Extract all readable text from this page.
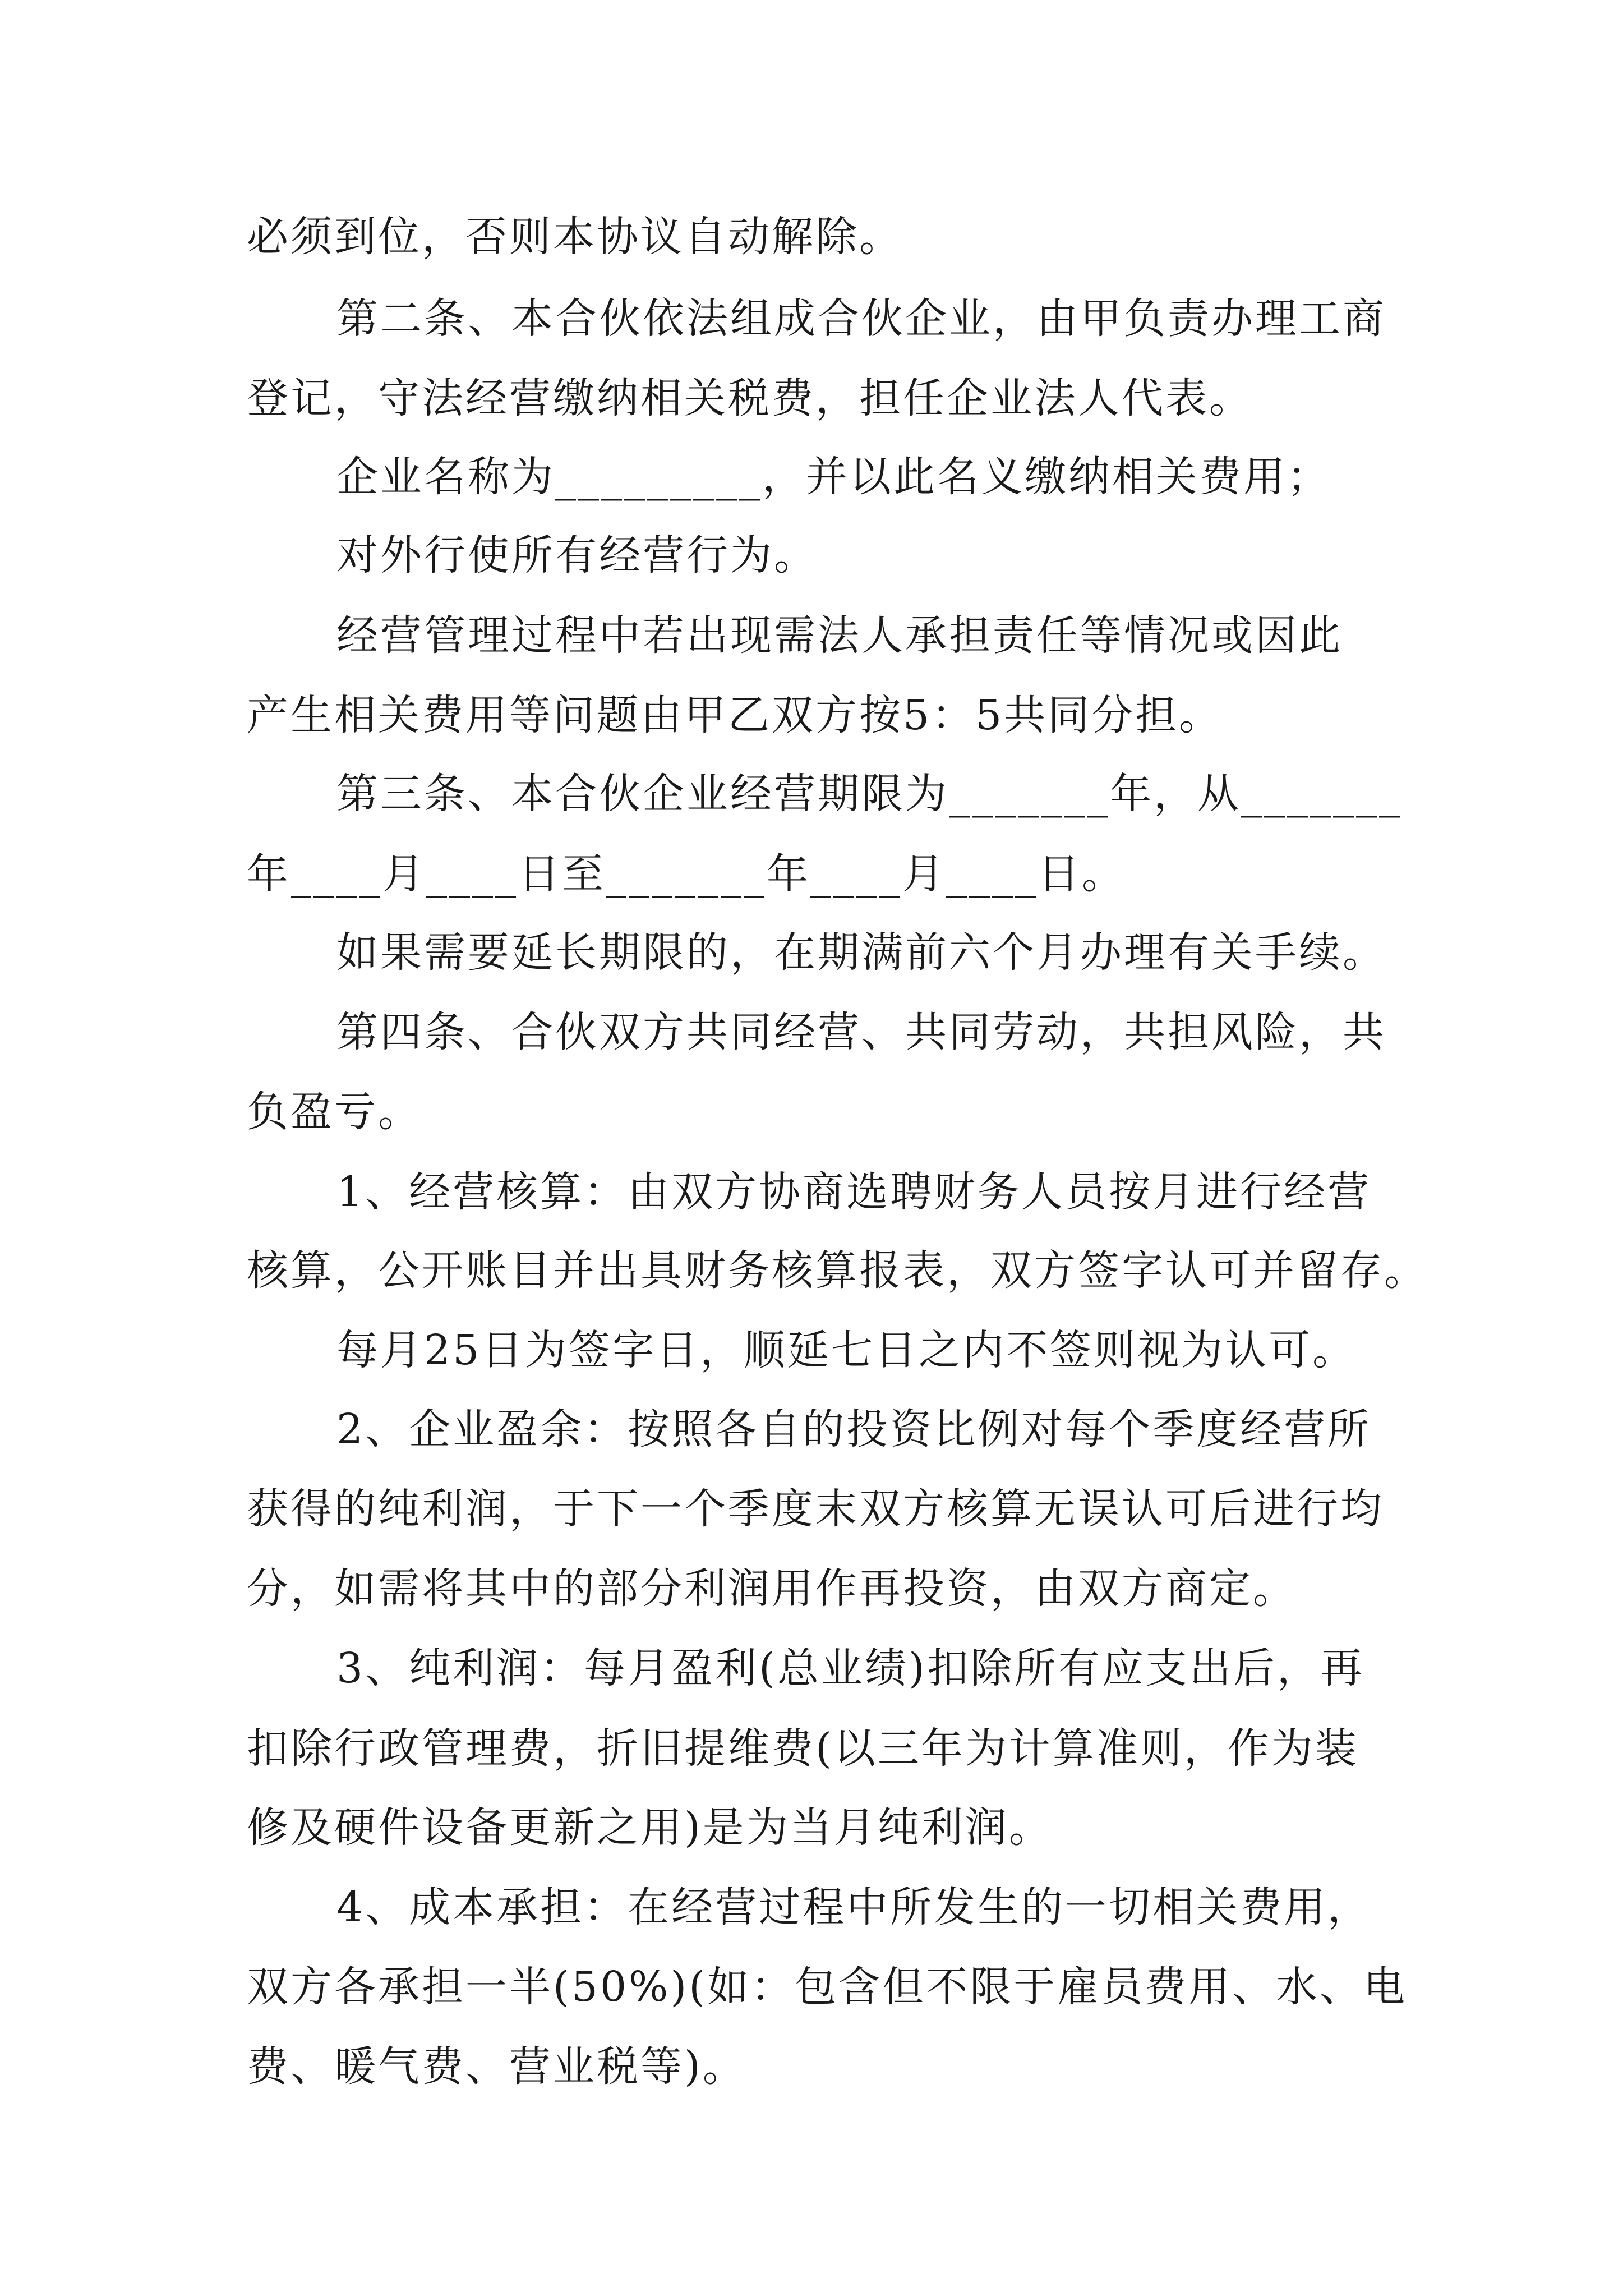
必须到位，否则本协议自动解除。
第二条、本合伙依法组成合伙企业，由甲负责办理工商
登记，守法经营缴纳相关税费，担任企业法人代表。
企业名称为_________，并以此名义缴纳相关费用；
对外行使所有经营行为。
经营管理过程中若出现需法人承担责任等情况或因此
产生相关费用等问题由甲乙双方按5：5共同分担。
第三条、本合伙企业经营期限为_______年，从_______
年____月____日至_______年____月____日。
如果需要延长期限的，在期满前六个月办理有关手续。
第四条、合伙双方共同经营、共同劳动，共担风险，共
负盈亏。
1、经营核算：由双方协商选聘财务人员按月进行经营
核算，公开账目并出具财务核算报表，双方签字认可并留存。
每月25日为签字日，顺延七日之内不签则视为认可。
2、企业盈余：按照各自的投资比例对每个季度经营所
获得的纯利润，于下一个季度末双方核算无误认可后进行均
分，如需将其中的部分利润用作再投资，由双方商定。
3、纯利润：每月盈利(总业绩)扣除所有应支出后，再
扣除行政管理费，折旧提维费(以三年为计算准则，作为装
修及硬件设备更新之用)是为当月纯利润。
4、成本承担：在经营过程中所发生的一切相关费用，
双方各承担一半(50%)(如：包含但不限于雇员费用、水、电
费、暖气费、营业税等)。
